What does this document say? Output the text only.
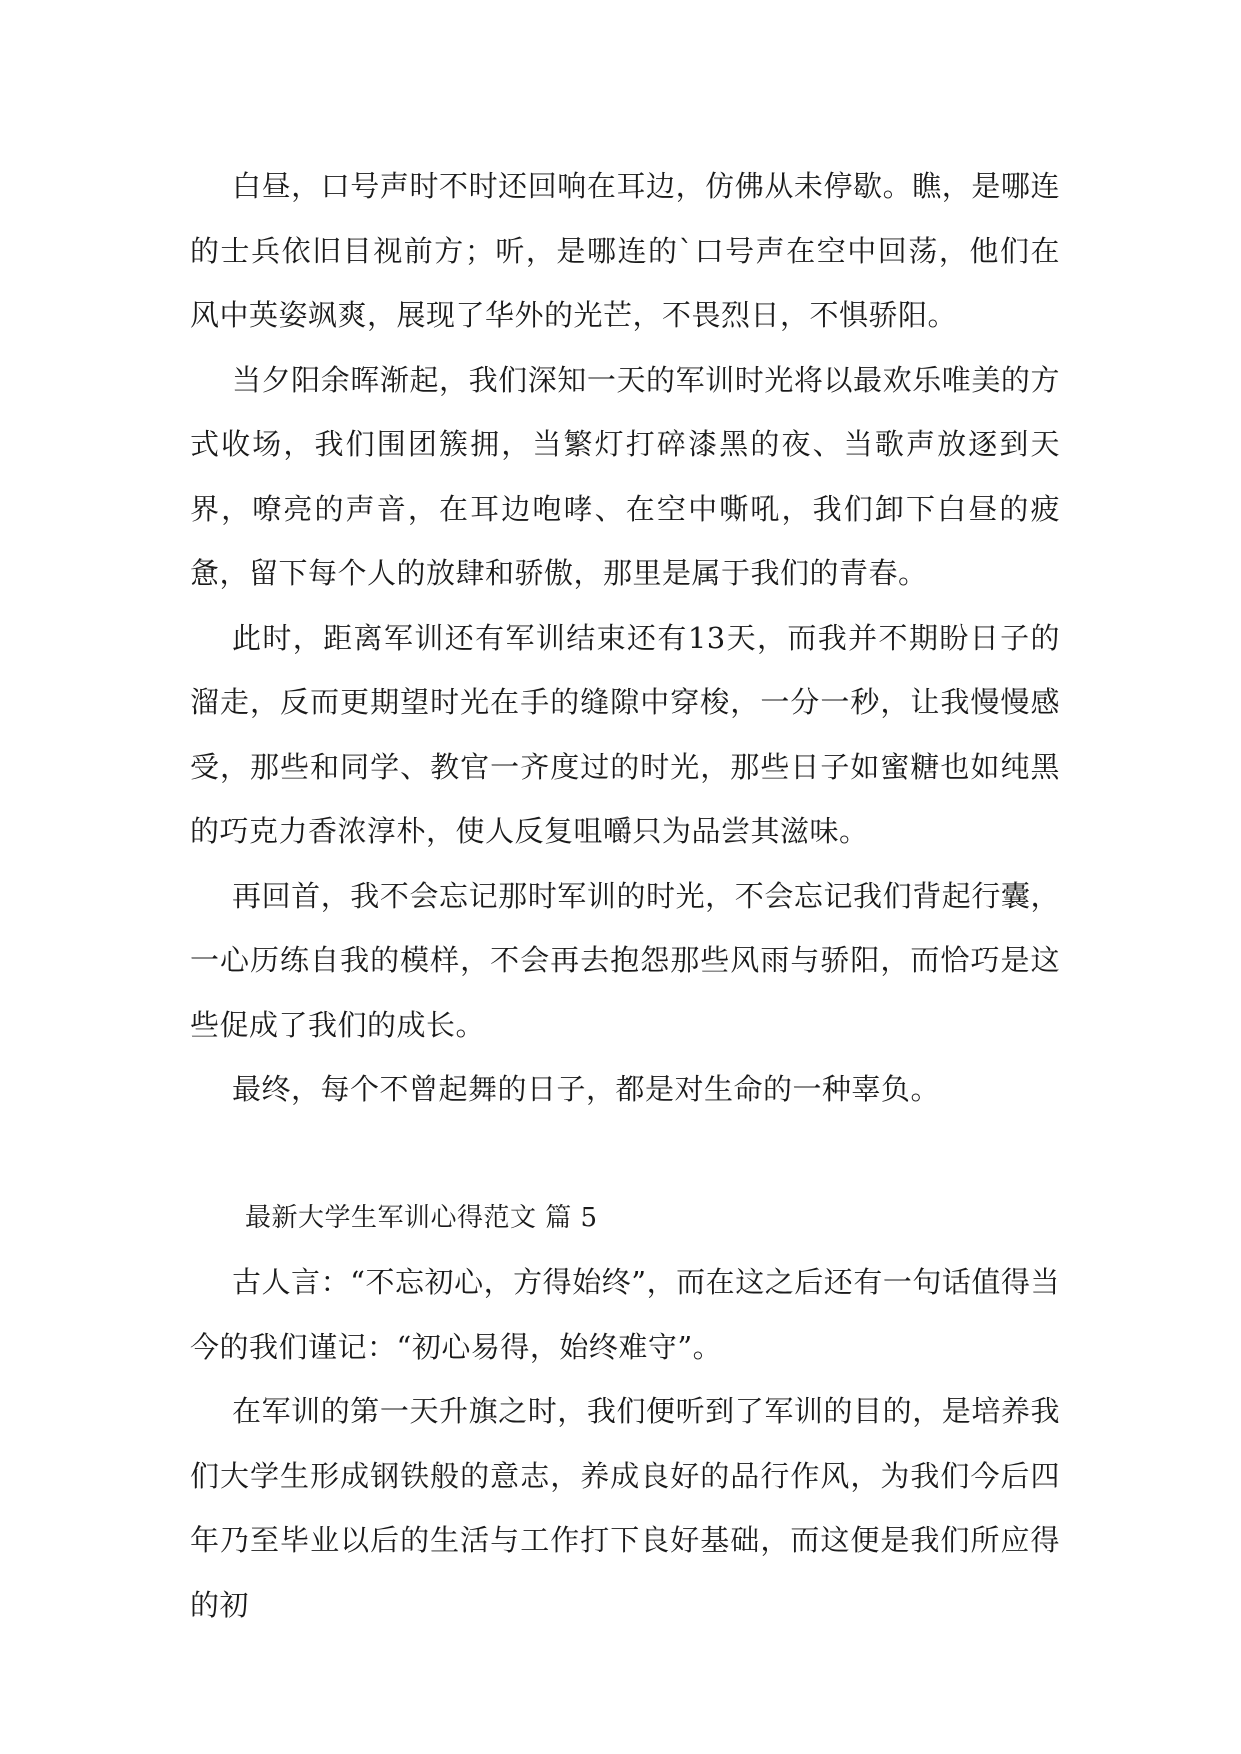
白昼，口号声时不时还回响在耳边，仿佛从未停歇。瞧，是哪连的士兵依旧目视前方；听，是哪连的`口号声在空中回荡，他们在风中英姿飒爽，展现了华外的光芒，不畏烈日，不惧骄阳。

当夕阳余晖渐起，我们深知一天的军训时光将以最欢乐唯美的方式收场，我们围团簇拥，当繁灯打碎漆黑的夜、当歌声放逐到天界，嘹亮的声音，在耳边咆哮、在空中嘶吼，我们卸下白昼的疲惫，留下每个人的放肆和骄傲，那里是属于我们的青春。

此时，距离军训还有军训结束还有13天，而我并不期盼日子的溜走，反而更期望时光在手的缝隙中穿梭，一分一秒，让我慢慢感受，那些和同学、教官一齐度过的时光，那些日子如蜜糖也如纯黑的巧克力香浓淳朴，使人反复咀嚼只为品尝其滋味。

再回首，我不会忘记那时军训的时光，不会忘记我们背起行囊，一心历练自我的模样，不会再去抱怨那些风雨与骄阳，而恰巧是这些促成了我们的成长。

最终，每个不曾起舞的日子，都是对生命的一种辜负。

最新大学生军训心得范文 篇 5

古人言：“不忘初心，方得始终”，而在这之后还有一句话值得当今的我们谨记：“初心易得，始终难守”。

在军训的第一天升旗之时，我们便听到了军训的目的，是培养我们大学生形成钢铁般的意志，养成良好的品行作风，为我们今后四年乃至毕业以后的生活与工作打下良好基础，而这便是我们所应得的初
